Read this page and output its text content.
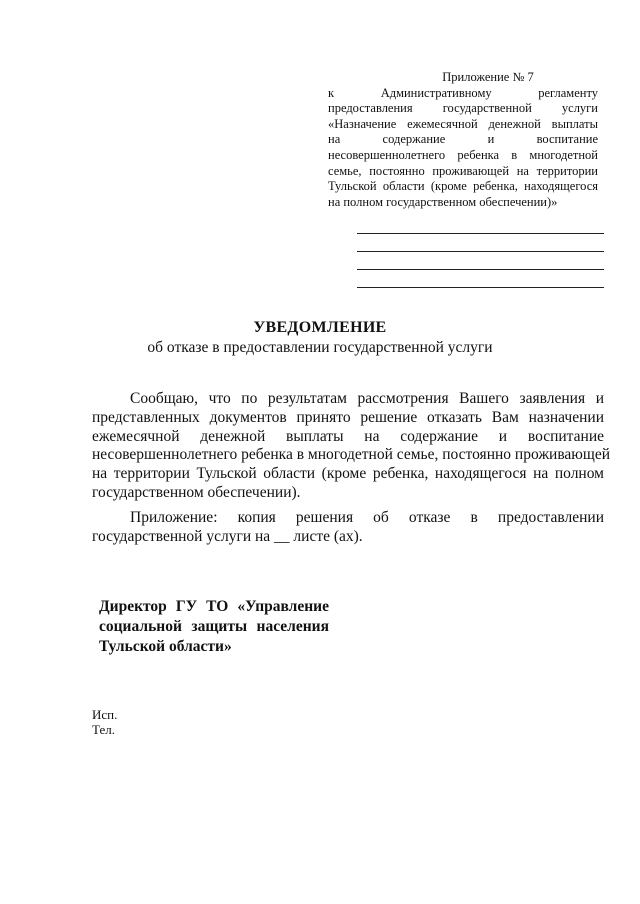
Приложение № 7
к Административному регламенту
предоставления государственной услуги
«Назначение ежемесячной денежной выплаты
на содержание и воспитание
несовершеннолетнего ребенка в многодетной
семье, постоянно проживающей на территории
Тульской области (кроме ребенка, находящегося
на полном государственном обеспечении)»
УВЕДОМЛЕНИЕ
об отказе в предоставлении государственной услуги
Сообщаю, что по результатам рассмотрения Вашего заявления и
представленных документов принято решение отказать Вам назначении
ежемесячной денежной выплаты на содержание и воспитание
несовершеннолетнего ребенка в многодетной семье, постоянно проживающей
на территории Тульской области (кроме ребенка, находящегося на полном
государственном обеспечении).
Приложение: копия решения об отказе в предоставлении
государственной услуги на __ листе (ах).
Директор ГУ ТО «Управление
социальной защиты населения
Тульской области»
Исп.
Тел.
